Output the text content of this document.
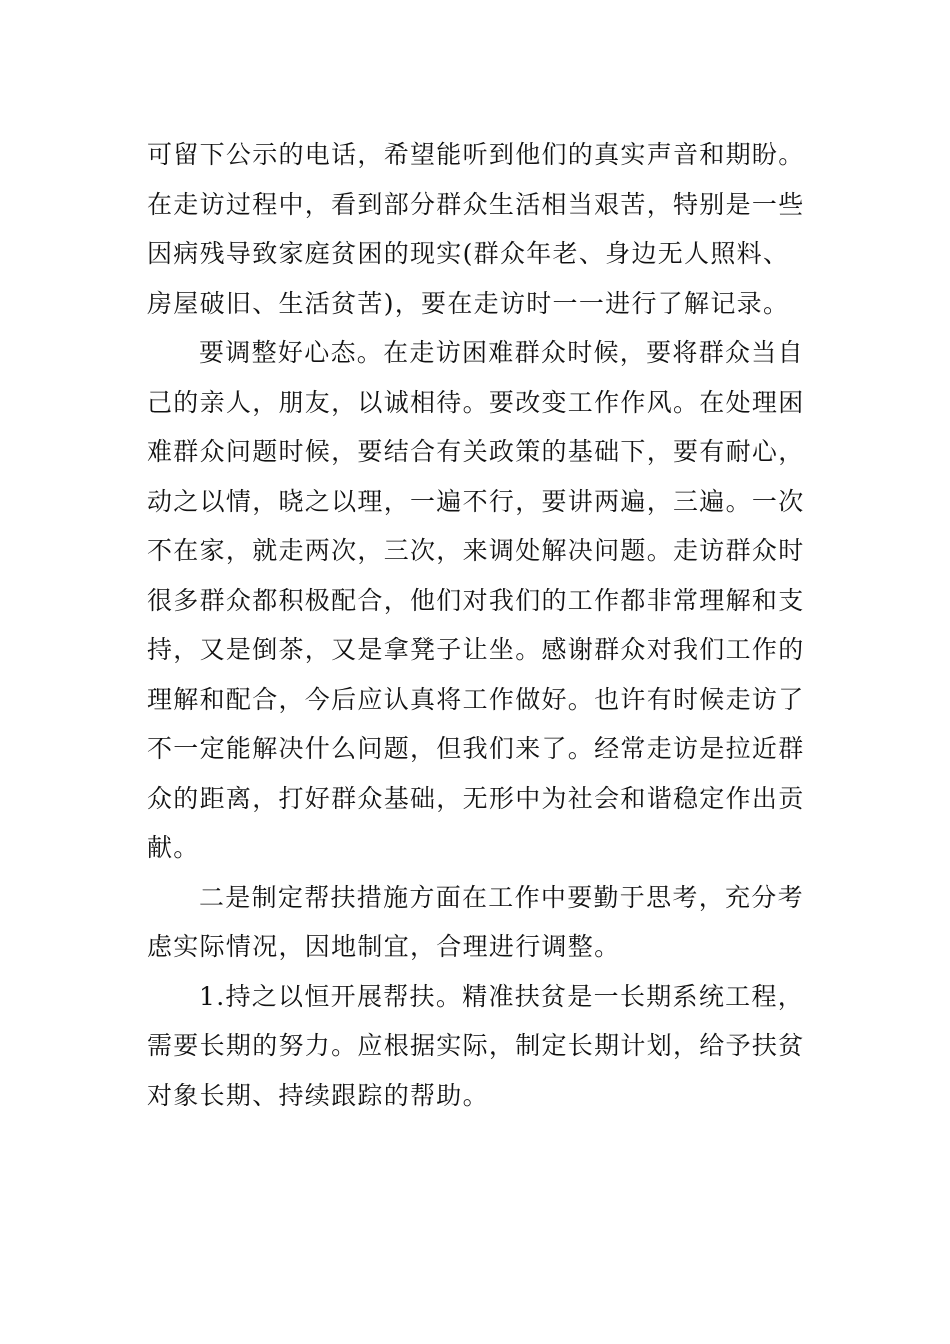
可留下公示的电话，希望能听到他们的真实声音和期盼。
在走访过程中，看到部分群众生活相当艰苦，特别是一些
因病残导致家庭贫困的现实(群众年老、身边无人照料、
房屋破旧、生活贫苦)，要在走访时一一进行了解记录。
要调整好心态。在走访困难群众时候，要将群众当自
己的亲人，朋友，以诚相待。要改变工作作风。在处理困
难群众问题时候，要结合有关政策的基础下，要有耐心，
动之以情，晓之以理，一遍不行，要讲两遍，三遍。一次
不在家，就走两次，三次，来调处解决问题。走访群众时
很多群众都积极配合，他们对我们的工作都非常理解和支
持，又是倒茶，又是拿凳子让坐。感谢群众对我们工作的
理解和配合，今后应认真将工作做好。也许有时候走访了
不一定能解决什么问题，但我们来了。经常走访是拉近群
众的距离，打好群众基础，无形中为社会和谐稳定作出贡
献。
二是制定帮扶措施方面在工作中要勤于思考，充分考
虑实际情况，因地制宜，合理进行调整。
1.持之以恒开展帮扶。精准扶贫是一长期系统工程，
需要长期的努力。应根据实际，制定长期计划，给予扶贫
对象长期、持续跟踪的帮助。
